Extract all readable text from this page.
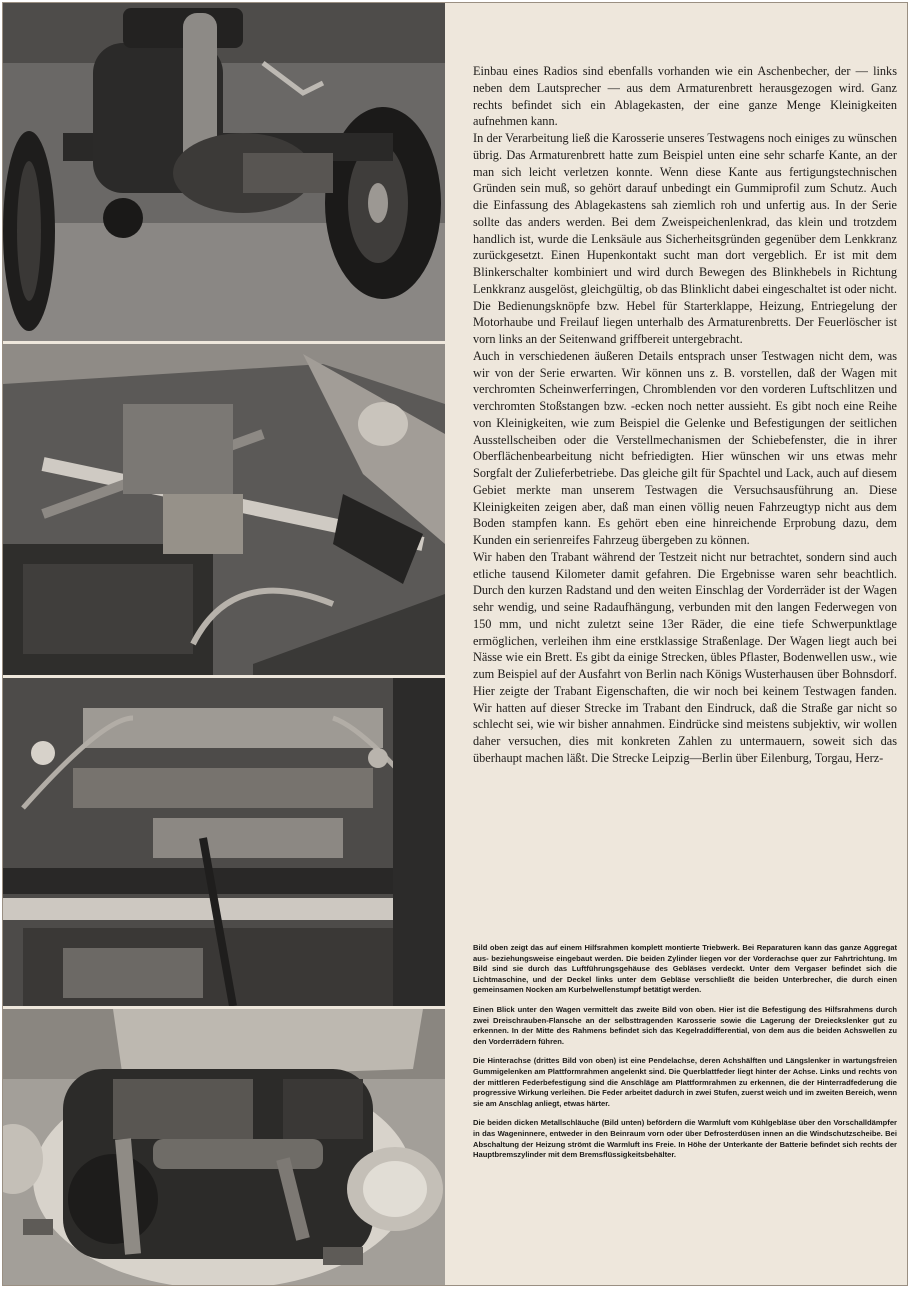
Einbau eines Radios sind ebenfalls vorhanden wie ein Aschenbecher, der — links neben dem Lautsprecher — aus dem Armaturenbrett herausgezogen wird. Ganz rechts befindet sich ein Ablagekasten, der eine ganze Menge Kleinigkeiten aufnehmen kann.

In der Verarbeitung ließ die Karosserie unseres Testwagens noch einiges zu wünschen übrig. Das Armaturenbrett hatte zum Beispiel unten eine sehr scharfe Kante, an der man sich leicht verletzen konnte. Wenn diese Kante aus fertigungstechnischen Gründen sein muß, so gehört darauf unbedingt ein Gummiprofil zum Schutz. Auch die Einfassung des Ablagekastens sah ziemlich roh und unfertig aus. In der Serie sollte das anders werden. Bei dem Zweispeichenlenkrad, das klein und trotzdem handlich ist, wurde die Lenksäule aus Sicherheitsgründen gegenüber dem Lenkkranz zurückgesetzt. Einen Hupenkontakt sucht man dort vergeblich. Er ist mit dem Blinkerschalter kombiniert und wird durch Bewegen des Blinkhebels in Richtung Lenkkranz ausgelöst, gleichgültig, ob das Blinklicht dabei eingeschaltet ist oder nicht. Die Bedienungsknöpfe bzw. Hebel für Starterklappe, Heizung, Entriegelung der Motorhaube und Freilauf liegen unterhalb des Armaturenbretts. Der Feuerlöscher ist vorn links an der Seitenwand griffbereit untergebracht.

Auch in verschiedenen äußeren Details entsprach unser Testwagen nicht dem, was wir von der Serie erwarten. Wir können uns z. B. vorstellen, daß der Wagen mit verchromten Scheinwerferringen, Chromblenden vor den vorderen Luftschlitzen und verchromten Stoßstangen bzw. -ecken noch netter aussieht. Es gibt noch eine Reihe von Kleinigkeiten, wie zum Beispiel die Gelenke und Befestigungen der seitlichen Ausstellscheiben oder die Verstellmechanismen der Schiebefenster, die in ihrer Oberflächenbearbeitung nicht befriedigten. Hier wünschen wir uns etwas mehr Sorgfalt der Zulieferbetriebe. Das gleiche gilt für Spachtel und Lack, auch auf diesem Gebiet merkte man unserem Testwagen die Versuchsausführung an. Diese Kleinigkeiten zeigen aber, daß man einen völlig neuen Fahrzeugtyp nicht aus dem Boden stampfen kann. Es gehört eben eine hinreichende Erprobung dazu, dem Kunden ein serienreifes Fahrzeug übergeben zu können.

Wir haben den Trabant während der Testzeit nicht nur betrachtet, sondern sind auch etliche tausend Kilometer damit gefahren. Die Ergebnisse waren sehr beachtlich. Durch den kurzen Radstand und den weiten Einschlag der Vorderräder ist der Wagen sehr wendig, und seine Radaufhängung, verbunden mit den langen Federwegen von 150 mm, und nicht zuletzt seine 13er Räder, die eine tiefe Schwerpunktlage ermöglichen, verleihen ihm eine erstklassige Straßenlage. Der Wagen liegt auch bei Nässe wie ein Brett. Es gibt da einige Strecken, übles Pflaster, Bodenwellen usw., wie zum Beispiel auf der Ausfahrt von Berlin nach Königs Wusterhausen über Bohnsdorf. Hier zeigte der Trabant Eigenschaften, die wir noch bei keinem Testwagen fanden. Wir hatten auf dieser Strecke im Trabant den Eindruck, daß die Straße gar nicht so schlecht sei, wie wir bisher annahmen. Eindrücke sind meistens subjektiv, wir wollen daher versuchen, dies mit konkreten Zahlen zu untermauern, soweit sich das überhaupt machen läßt. Die Strecke Leipzig—Berlin über Eilenburg, Torgau, Herz-

Bild oben zeigt das auf einem Hilfsrahmen komplett montierte Triebwerk. Bei Reparaturen kann das ganze Aggregat aus- beziehungsweise eingebaut werden. Die beiden Zylinder liegen vor der Vorderachse quer zur Fahrtrichtung. Im Bild sind sie durch das Luftführungsgehäuse des Gebläses verdeckt. Unter dem Vergaser befindet sich die Lichtmaschine, und der Deckel links unter dem Gebläse verschließt die beiden Unterbrecher, die durch einen gemeinsamen Nocken am Kurbelwellenstumpf betätigt werden.

Einen Blick unter den Wagen vermittelt das zweite Bild von oben. Hier ist die Befestigung des Hilfsrahmens durch zwei Dreischrauben-Flansche an der selbsttragenden Karosserie sowie die Lagerung der Dreieckslenker gut zu erkennen. In der Mitte des Rahmens befindet sich das Kegelraddifferential, von dem aus die beiden Achswellen zu den Vorderrädern führen.

Die Hinterachse (drittes Bild von oben) ist eine Pendelachse, deren Achshälften und Längslenker in wartungsfreien Gummigelenken am Plattformrahmen angelenkt sind. Die Querblattfeder liegt hinter der Achse. Links und rechts von der mittleren Federbefestigung sind die Anschläge am Plattformrahmen zu erkennen, die der Hinterradfederung die progressive Wirkung verleihen. Die Feder arbeitet dadurch in zwei Stufen, zuerst weich und im zweiten Bereich, wenn sie am Anschlag anliegt, etwas härter.

Die beiden dicken Metallschläuche (Bild unten) befördern die Warmluft vom Kühlgebläse über den Vorschalldämpfer in das Wageninnere, entweder in den Beinraum vorn oder über Defrosterdüsen innen an die Windschutzscheibe. Bei Abschaltung der Heizung strömt die Warmluft ins Freie. In Höhe der Unterkante der Batterie befindet sich rechts der Hauptbremszylinder mit dem Bremsflüssigkeitsbehälter.
